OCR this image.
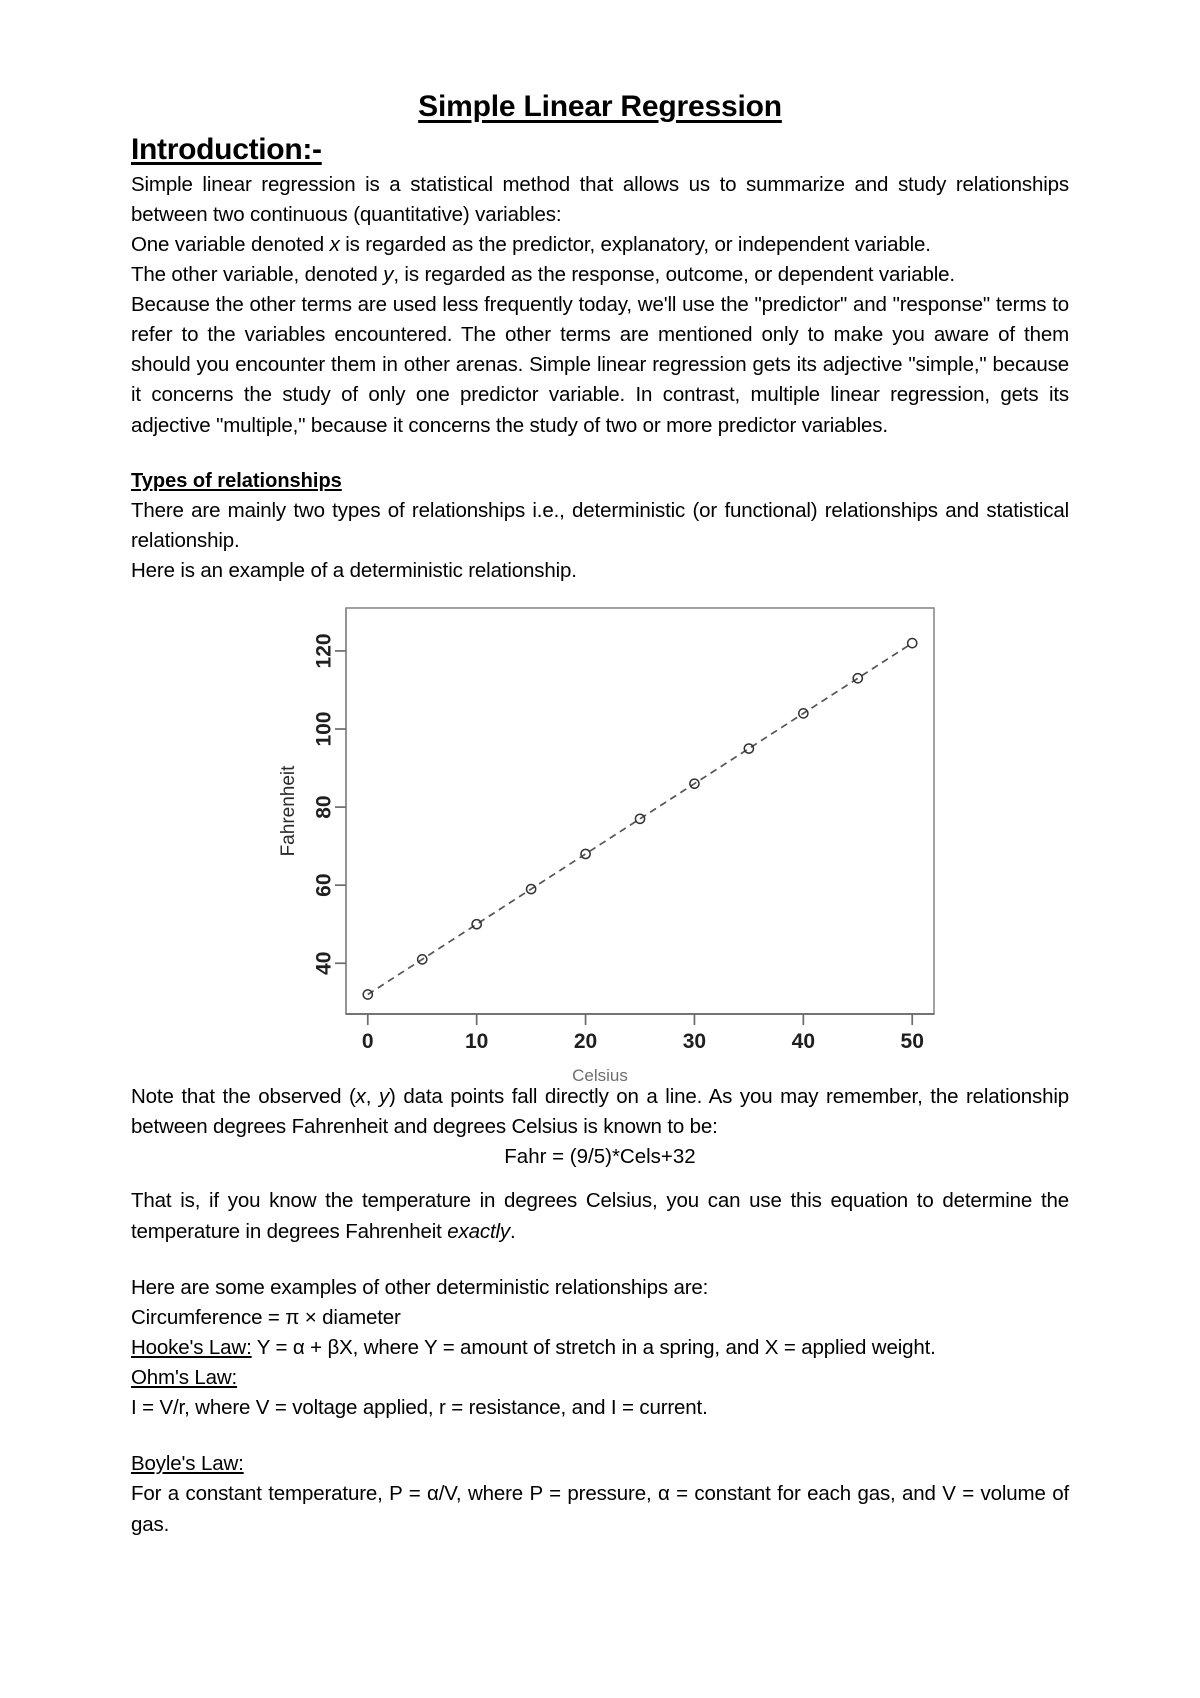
Simple Linear Regression
Introduction:-

Simple linear regression is a statistical method that allows us to summarize and study relationships between two continuous (quantitative) variables:

One variable denoted x is regarded as the predictor, explanatory, or independent variable.

The other variable, denoted y, is regarded as the response, outcome, or dependent variable.

Because the other terms are used less frequently today, we'll use the "predictor" and "response" terms to refer to the variables encountered. The other terms are mentioned only to make you aware of them should you encounter them in other arenas. Simple linear regression gets its adjective "simple," because it concerns the study of only one predictor variable. In contrast, multiple linear regression, gets its adjective "multiple," because it concerns the study of two or more predictor variables.

Types of relationships

There are mainly two types of relationships i.e., deterministic (or functional) relationships and statistical relationship.

Here is an example of a deterministic relationship.

40
60
80
100
120
0	10	20	30	40	50
Fahrenheit
Celsius

Note that the observed (x, y) data points fall directly on a line. As you may remember, the relationship between degrees Fahrenheit and degrees Celsius is known to be:

Fahr = (9/5)*Cels+32

That is, if you know the temperature in degrees Celsius, you can use this equation to determine the temperature in degrees Fahrenheit exactly.

Here are some examples of other deterministic relationships are:

Circumference = π × diameter

Hooke's Law: Y = α + βX, where Y = amount of stretch in a spring, and X = applied weight.

Ohm's Law:

I = V/r, where V = voltage applied, r = resistance, and I = current.

Boyle's Law:

For a constant temperature, P = α/V, where P = pressure, α = constant for each gas, and V = volume of gas.
